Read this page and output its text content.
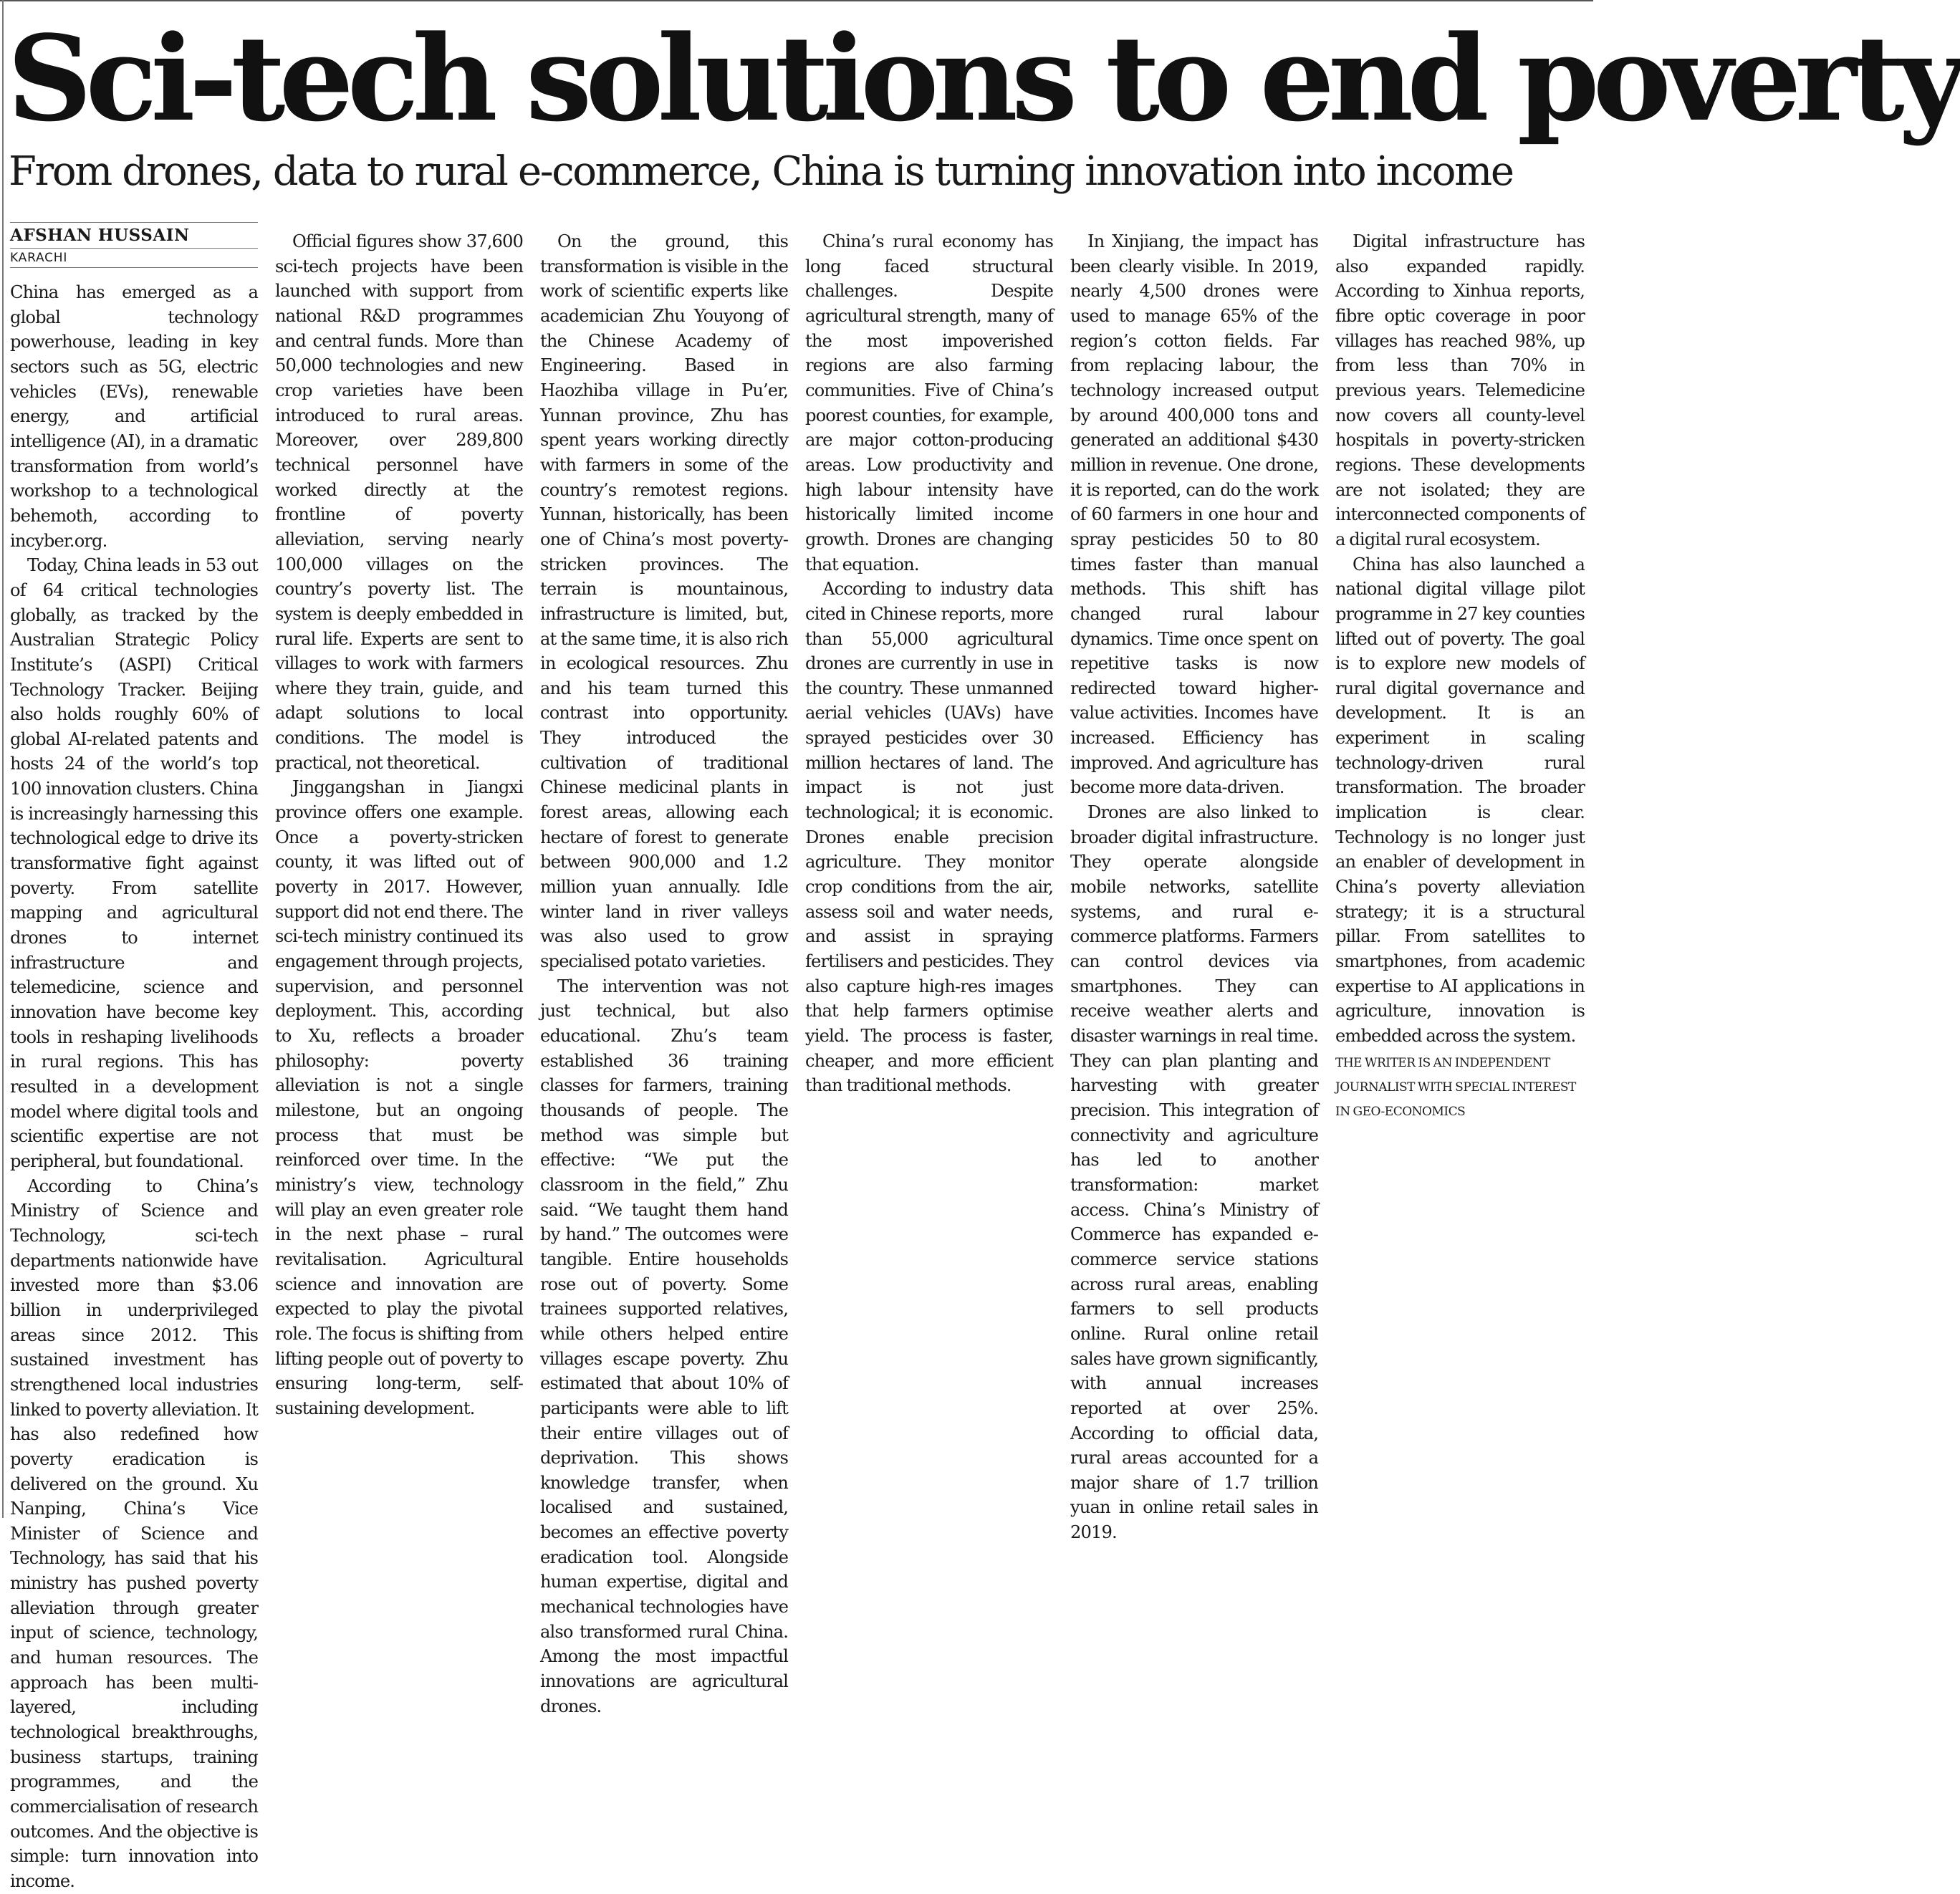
Sci-tech solutions to end poverty
From drones, data to rural e-commerce, China is turning innovation into income
AFSHAN HUSSAIN
KARACHI

China has emerged as a global technology powerhouse, leading in key sectors such as 5G, electric vehicles (EVs), renewable energy, and artificial intelligence (AI), in a dramatic transformation from world’s workshop to a technological behemoth, according to incyber.org.

Today, China leads in 53 out of 64 critical technologies globally, as tracked by the Australian Strategic Policy Institute’s (ASPI) Critical Technology Tracker. Beijing also holds roughly 60% of global AI-related patents and hosts 24 of the world’s top 100 innovation clusters. China is increasingly harnessing this technological edge to drive its transformative fight against poverty. From satellite mapping and agricultural drones to internet infrastructure and telemedicine, science and innovation have become key tools in reshaping livelihoods in rural regions. This has resulted in a development model where digital tools and scientific expertise are not peripheral, but foundational.

According to China’s Ministry of Science and Technology, sci-tech departments nationwide have invested more than $3.06 billion in underprivileged areas since 2012. This sustained investment has strengthened local industries linked to poverty alleviation. It has also redefined how poverty eradication is delivered on the ground. Xu Nanping, China’s Vice Minister of Science and Technology, has said that his ministry has pushed poverty alleviation through greater input of science, technology, and human resources. The approach has been multi-layered, including technological breakthroughs, business startups, training programmes, and the commercialisation of research outcomes. And the objective is simple: turn innovation into income.

Official figures show 37,600 sci-tech projects have been launched with support from national R&D programmes and central funds. More than 50,000 technologies and new crop varieties have been introduced to rural areas. Moreover, over 289,800 technical personnel have worked directly at the frontline of poverty alleviation, serving nearly 100,000 villages on the country’s poverty list. The system is deeply embedded in rural life. Experts are sent to villages to work with farmers where they train, guide, and adapt solutions to local conditions. The model is practical, not theoretical.

Jinggangshan in Jiangxi province offers one example. Once a poverty-stricken county, it was lifted out of poverty in 2017. However, support did not end there. The sci-tech ministry continued its engagement through projects, supervision, and personnel deployment. This, according to Xu, reflects a broader philosophy: poverty alleviation is not a single milestone, but an ongoing process that must be reinforced over time. In the ministry’s view, technology will play an even greater role in the next phase – rural revitalisation. Agricultural science and innovation are expected to play the pivotal role. The focus is shifting from lifting people out of poverty to ensuring long-term, self-sustaining development.

On the ground, this transformation is visible in the work of scientific experts like academician Zhu Youyong of the Chinese Academy of Engineering. Based in Haozhiba village in Pu’er, Yunnan province, Zhu has spent years working directly with farmers in some of the country’s remotest regions. Yunnan, historically, has been one of China’s most poverty-stricken provinces. The terrain is mountainous, infrastructure is limited, but, at the same time, it is also rich in ecological resources. Zhu and his team turned this contrast into opportunity. They introduced the cultivation of traditional Chinese medicinal plants in forest areas, allowing each hectare of forest to generate between 900,000 and 1.2 million yuan annually. Idle winter land in river valleys was also used to grow specialised potato varieties.

The intervention was not just technical, but also educational. Zhu’s team established 36 training classes for farmers, training thousands of people. The method was simple but effective: “We put the classroom in the field,” Zhu said. “We taught them hand by hand.” The outcomes were tangible. Entire households rose out of poverty. Some trainees supported relatives, while others helped entire villages escape poverty. Zhu estimated that about 10% of participants were able to lift their entire villages out of deprivation. This shows knowledge transfer, when localised and sustained, becomes an effective poverty eradication tool. Alongside human expertise, digital and mechanical technologies have also transformed rural China. Among the most impactful innovations are agricultural drones.

China’s rural economy has long faced structural challenges. Despite agricultural strength, many of the most impoverished regions are also farming communities. Five of China’s poorest counties, for example, are major cotton-producing areas. Low productivity and high labour intensity have historically limited income growth. Drones are changing that equation.

According to industry data cited in Chinese reports, more than 55,000 agricultural drones are currently in use in the country. These unmanned aerial vehicles (UAVs) have sprayed pesticides over 30 million hectares of land. The impact is not just technological; it is economic. Drones enable precision agriculture. They monitor crop conditions from the air, assess soil and water needs, and assist in spraying fertilisers and pesticides. They also capture high-res images that help farmers optimise yield. The process is faster, cheaper, and more efficient than traditional methods.

In Xinjiang, the impact has been clearly visible. In 2019, nearly 4,500 drones were used to manage 65% of the region’s cotton fields. Far from replacing labour, the technology increased output by around 400,000 tons and generated an additional $430 million in revenue. One drone, it is reported, can do the work of 60 farmers in one hour and spray pesticides 50 to 80 times faster than manual methods. This shift has changed rural labour dynamics. Time once spent on repetitive tasks is now redirected toward higher-value activities. Incomes have increased. Efficiency has improved. And agriculture has become more data-driven.

Drones are also linked to broader digital infrastructure. They operate alongside mobile networks, satellite systems, and rural e-commerce platforms. Farmers can control devices via smartphones. They can receive weather alerts and disaster warnings in real time. They can plan planting and harvesting with greater precision. This integration of connectivity and agriculture has led to another transformation: market access. China’s Ministry of Commerce has expanded e-commerce service stations across rural areas, enabling farmers to sell products online. Rural online retail sales have grown significantly, with annual increases reported at over 25%. According to official data, rural areas accounted for a major share of 1.7 trillion yuan in online retail sales in 2019.

Digital infrastructure has also expanded rapidly. According to Xinhua reports, fibre optic coverage in poor villages has reached 98%, up from less than 70% in previous years. Telemedicine now covers all county-level hospitals in poverty-stricken regions. These developments are not isolated; they are interconnected components of a digital rural ecosystem.

China has also launched a national digital village pilot programme in 27 key counties lifted out of poverty. The goal is to explore new models of rural digital governance and development. It is an experiment in scaling technology-driven rural transformation. The broader implication is clear. Technology is no longer just an enabler of development in China’s poverty alleviation strategy; it is a structural pillar. From satellites to smartphones, from academic expertise to AI applications in agriculture, innovation is embedded across the system.

THE WRITER IS AN INDEPENDENT JOURNALIST WITH SPECIAL INTEREST IN GEO-ECONOMICS
